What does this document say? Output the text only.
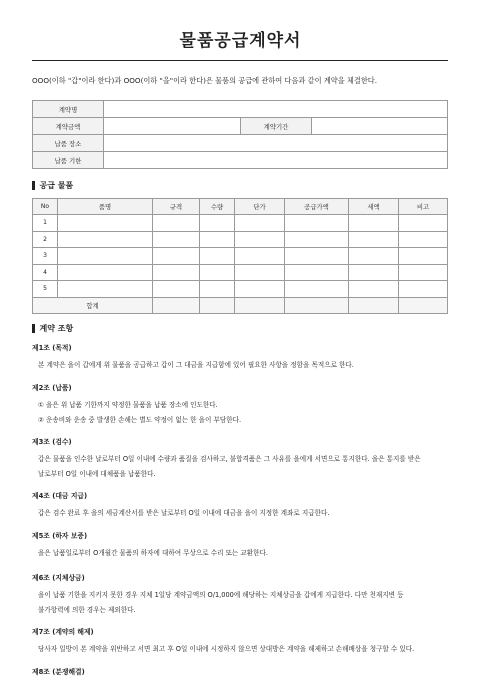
물품공급계약서
OOO(이하 "갑"이라 한다)과 OOO(이하 "을"이라 한다)은 물품의 공급에 관하여 다음과 같이 계약을 체결한다.
계약명			
계약금액		계약기간	
납품 장소			
납품 기한			
공급 물품
No	품명	규격	수량	단가	공급가액	세액	비고
1							
2							
3							
4							
5							
합계							
계약 조항
제1조 (목적)
본 계약은 을이 갑에게 위 물품을 공급하고 갑이 그 대금을 지급함에 있어 필요한 사항을 정함을 목적으로 한다.
제2조 (납품)
① 을은 위 납품 기한까지 약정한 물품을 납품 장소에 인도한다.
② 운송비와 운송 중 발생한 손해는 별도 약정이 없는 한 을이 부담한다.
제3조 (검수)
갑은 물품을 인수한 날로부터 O일 이내에 수량과 품질을 검사하고, 불합격품은 그 사유를 을에게 서면으로 통지한다. 을은 통지를 받은
날로부터 O일 이내에 대체품을 납품한다.
제4조 (대금 지급)
갑은 검수 완료 후 을의 세금계산서를 받은 날로부터 O일 이내에 대금을 을이 지정한 계좌로 지급한다.
제5조 (하자 보증)
을은 납품일로부터 O개월간 물품의 하자에 대하여 무상으로 수리 또는 교환한다.
제6조 (지체상금)
을이 납품 기한을 지키지 못한 경우 지체 1일당 계약금액의 O/1,000에 해당하는 지체상금을 갑에게 지급한다. 다만 천재지변 등
불가항력에 의한 경우는 제외한다.
제7조 (계약의 해제)
당사자 일방이 본 계약을 위반하고 서면 최고 후 O일 이내에 시정하지 않으면 상대방은 계약을 해제하고 손해배상을 청구할 수 있다.
제8조 (분쟁해결)
